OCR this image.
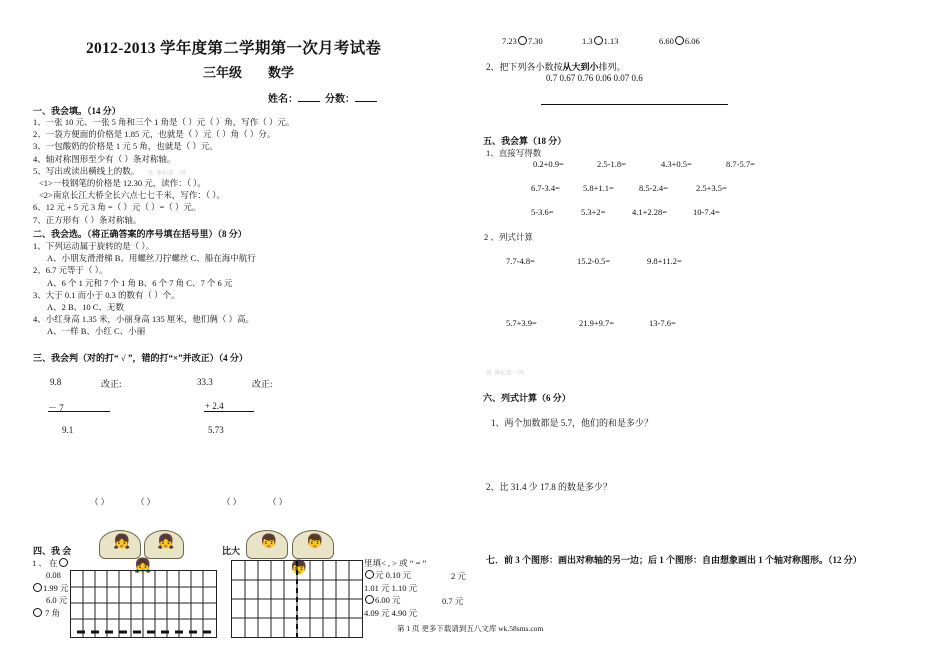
2012-2013 学年度第二学期第一次月考试卷
三年级 数学
姓名：	分数：
一、我会填。（14 分）
1、一张 10 元、一张 5 角和三个 1 角是（ ）元（ ）角，写作（ ）元。
2、一袋方便面的价格是 1.85 元，也就是（ ）元（ ）角（ ）分。
3、一包酸奶的价格是 1 元 5 角，也就是（ ）元。
4、轴对称图形至少有（ ）条对称轴。
5、写出或读出横线上的数。
<1>一枝钢笔的价格是 12.30 元，读作：（ ）。
<2>南京长江大桥全长六点七七千米，写作：（ ）。
6、12 元 + 5 元 3 角 =（ ）元（ ）=（ ）元。
7、正方形有（ ）条对称轴。
张·课标第一网
二、我会选。（将正确答案的序号填在括号里）（8 分）
1、下列运动属于旋转的是（ ）。
A、小朋友滑滑梯 B、用螺丝刀拧螺丝 C、船在海中航行
2、6.7 元等于（ ）。
A、6 个 1 元和 7 个 1 角 B、6 个 7 角 C、7 个 6 元
3、大于 0.1 而小于 0.3 的数有（ ）个。
A、2 B、10 C、无数
4、小红身高 1.35 米，小丽身高 135 厘米，他们俩（ ）高。
A、一样 B、小红 C、小丽
三、我会判（对的打“ √ ”，错的打“×”并改正）（4 分）
9.8	改正:
－ 7
9.1
33.3	改正:
+ 2.4
5.73
（ ）	（ ）	（ ）	（ ）
四、我 会	比大
👧 👧	👦 👦
👧	👦
1 、 在
0.08
1.99 元
6.0 元
7 角
里填< , > 或 “ = ”
元 0.10 元
1.01 元 1.10 元
6.00 元
4.09 元 4.90 元
2 元
0.7 元
7.23 7.30	1.3 1.13	6.60 6.06
2、把下列各小数按从大到小排列。
0.7 0.67 0.76 0.06 0.07 0.6
五、我会算（18 分）
1、直接写得数
0.2+0.9=	2.5-1.8=	4.3+0.5=	8.7-5.7=
6.7-3.4=	5.8+1.1=	8.5-2.4=	2.5+3.5=
5-3.6=	5.3+2=	4.1+2.28=	10-7.4=
2 、列式计算
7.7-4.8=	15.2-0.5=	9.8+11.2=
5.7+3.9=	21.9+9.7=	13-7.6=
新·课标第一网
六、列式计算（6 分）
1、两个加数都是 5.7，他们的和是多少？
2、比 31.4 少 17.8 的数是多少？
七．前 3 个图形：画出对称轴的另一边；后 1 个图形：自由想象画出 1 个轴对称图形。（12 分）
第 1 页 更多下载请到五八文库 wk.58sms.com
